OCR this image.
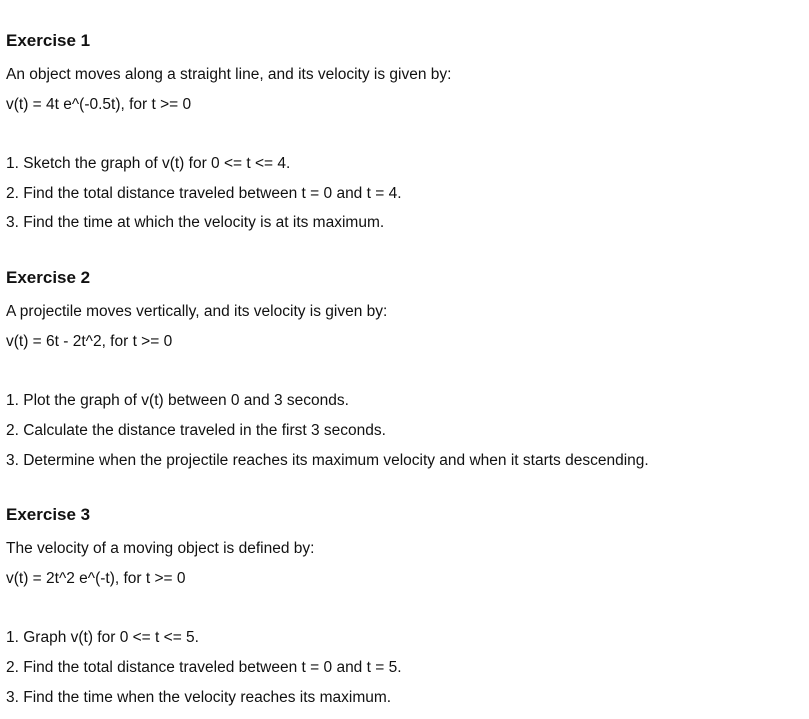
Exercise 1

An object moves along a straight line, and its velocity is given by:

v(t) = 4t e^(-0.5t), for t >= 0

1. Sketch the graph of v(t) for 0 <= t <= 4.

2. Find the total distance traveled between t = 0 and t = 4.

3. Find the time at which the velocity is at its maximum.

Exercise 2

A projectile moves vertically, and its velocity is given by:

v(t) = 6t - 2t^2, for t >= 0

1. Plot the graph of v(t) between 0 and 3 seconds.

2. Calculate the distance traveled in the first 3 seconds.

3. Determine when the projectile reaches its maximum velocity and when it starts descending.

Exercise 3

The velocity of a moving object is defined by:

v(t) = 2t^2 e^(-t), for t >= 0

1. Graph v(t) for 0 <= t <= 5.

2. Find the total distance traveled between t = 0 and t = 5.

3. Find the time when the velocity reaches its maximum.
